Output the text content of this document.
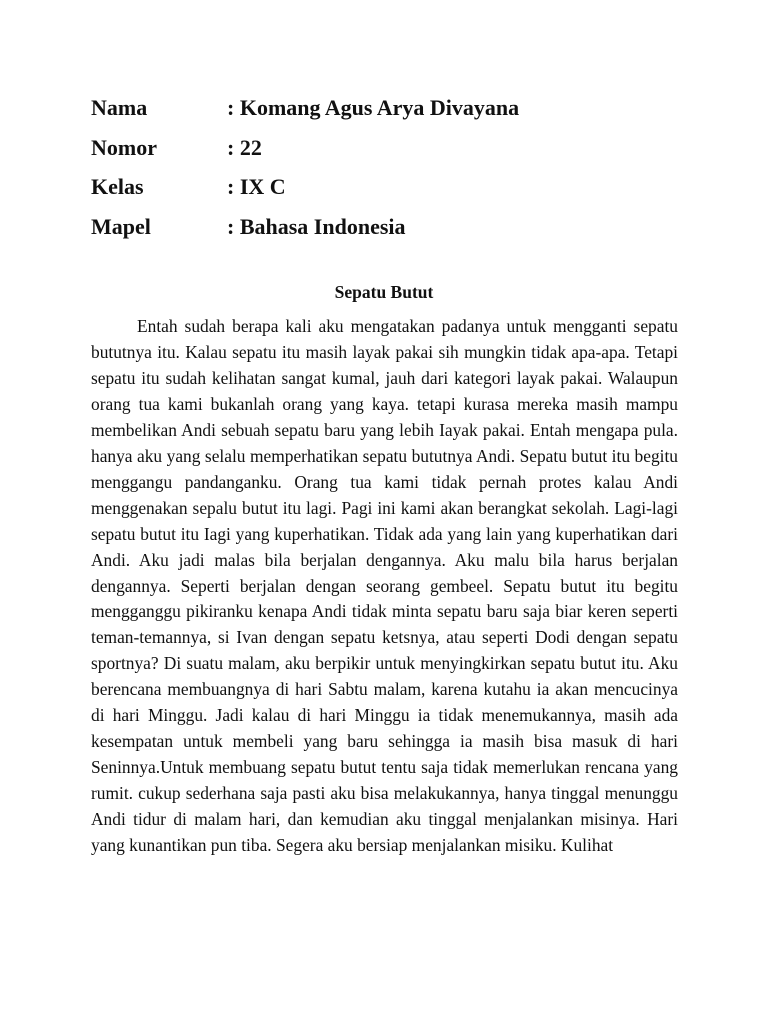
Nama	: Komang Agus Arya Divayana
Nomor	: 22
Kelas	: IX C
Mapel	: Bahasa Indonesia
Sepatu Butut

Entah sudah berapa kali aku mengatakan padanya untuk mengganti sepatu bututnya itu. Kalau sepatu itu masih layak pakai sih mungkin tidak apa-apa. Tetapi sepatu itu sudah kelihatan sangat kumal, jauh dari kategori layak pakai. Walaupun orang tua kami bukanlah orang yang kaya. tetapi kurasa mereka masih mampu membelikan Andi sebuah sepatu baru yang lebih Iayak pakai. Entah mengapa pula. hanya aku yang selalu memperhatikan sepatu bututnya Andi. Sepatu butut itu begitu menggangu pandanganku. Orang tua kami tidak pernah protes kalau Andi menggenakan sepalu butut itu lagi. Pagi ini kami akan berangkat sekolah. Lagi-lagi sepatu butut itu Iagi yang kuperhatikan. Tidak ada yang lain yang kuperhatikan dari Andi. Aku jadi malas bila berjalan dengannya. Aku malu bila harus berjalan dengannya. Seperti berjalan dengan seorang gembeel. Sepatu butut itu begitu mengganggu pikiranku kenapa Andi tidak minta sepatu baru saja biar keren seperti teman-temannya, si Ivan dengan sepatu ketsnya, atau seperti Dodi dengan sepatu sportnya? Di suatu malam, aku berpikir untuk menyingkirkan sepatu butut itu. Aku berencana membuangnya di hari Sabtu malam, karena kutahu ia akan mencucinya di hari Minggu. Jadi kalau di hari Minggu ia tidak menemukannya, masih ada kesempatan untuk membeli yang baru sehingga ia masih bisa masuk di hari Seninnya.Untuk membuang sepatu butut tentu saja tidak memerlukan rencana yang rumit. cukup sederhana saja pasti aku bisa melakukannya, hanya tinggal menunggu Andi tidur di malam hari, dan kemudian aku tinggal menjalankan misinya. Hari yang kunantikan pun tiba. Segera aku bersiap menjalankan misiku. Kulihat
